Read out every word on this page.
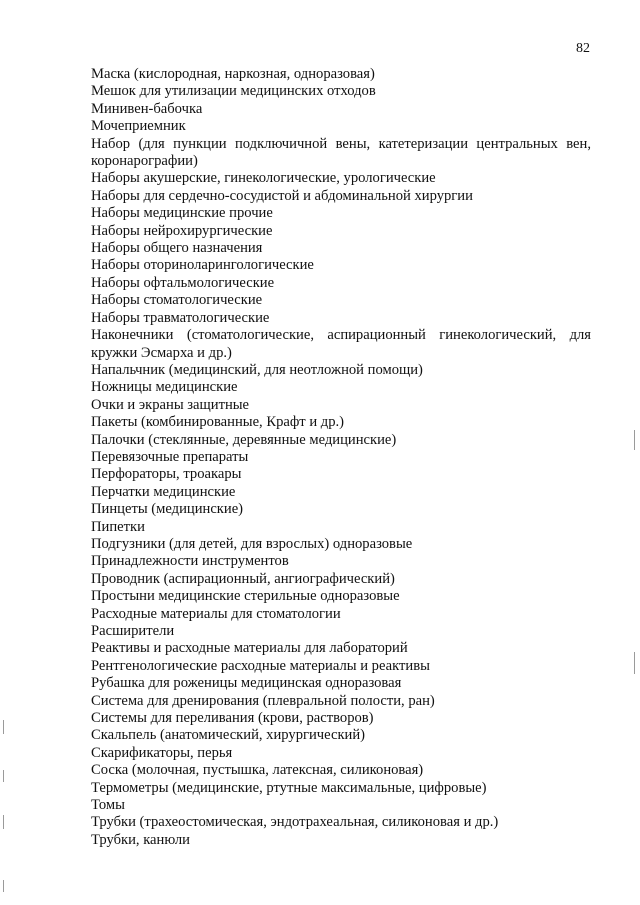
82

Маска (кислородная, наркозная, одноразовая)

Мешок для утилизации медицинских отходов

Минивен-бабочка

Мочеприемник

Набор (для пункции подключичной вены, катетеризации центральных вен, коронарографии)

Наборы акушерские, гинекологические, урологические

Наборы для сердечно-сосудистой и абдоминальной хирургии

Наборы медицинские прочие

Наборы нейрохирургические

Наборы общего назначения

Наборы оториноларингологические

Наборы офтальмологические

Наборы стоматологические

Наборы травматологические

Наконечники (стоматологические, аспирационный гинекологический, для кружки Эсмарха и др.)

Напальчник (медицинский, для неотложной помощи)

Ножницы медицинские

Очки и экраны защитные

Пакеты (комбинированные, Крафт и др.)

Палочки (стеклянные, деревянные медицинские)

Перевязочные препараты

Перфораторы, троакары

Перчатки медицинские

Пинцеты (медицинские)

Пипетки

Подгузники (для детей, для взрослых) одноразовые

Принадлежности инструментов

Проводник (аспирационный, ангиографический)

Простыни медицинские стерильные одноразовые

Расходные материалы для стоматологии

Расширители

Реактивы и расходные материалы для лабораторий

Рентгенологические расходные материалы и реактивы

Рубашка для роженицы медицинская одноразовая

Система для дренирования (плевральной полости, ран)

Системы для переливания (крови, растворов)

Скальпель (анатомический, хирургический)

Скарификаторы, перья

Соска (молочная, пустышка, латексная, силиконовая)

Термометры (медицинские, ртутные максимальные, цифровые)

Томы

Трубки (трахеостомическая, эндотрахеальная, силиконовая и др.)

Трубки, канюли
